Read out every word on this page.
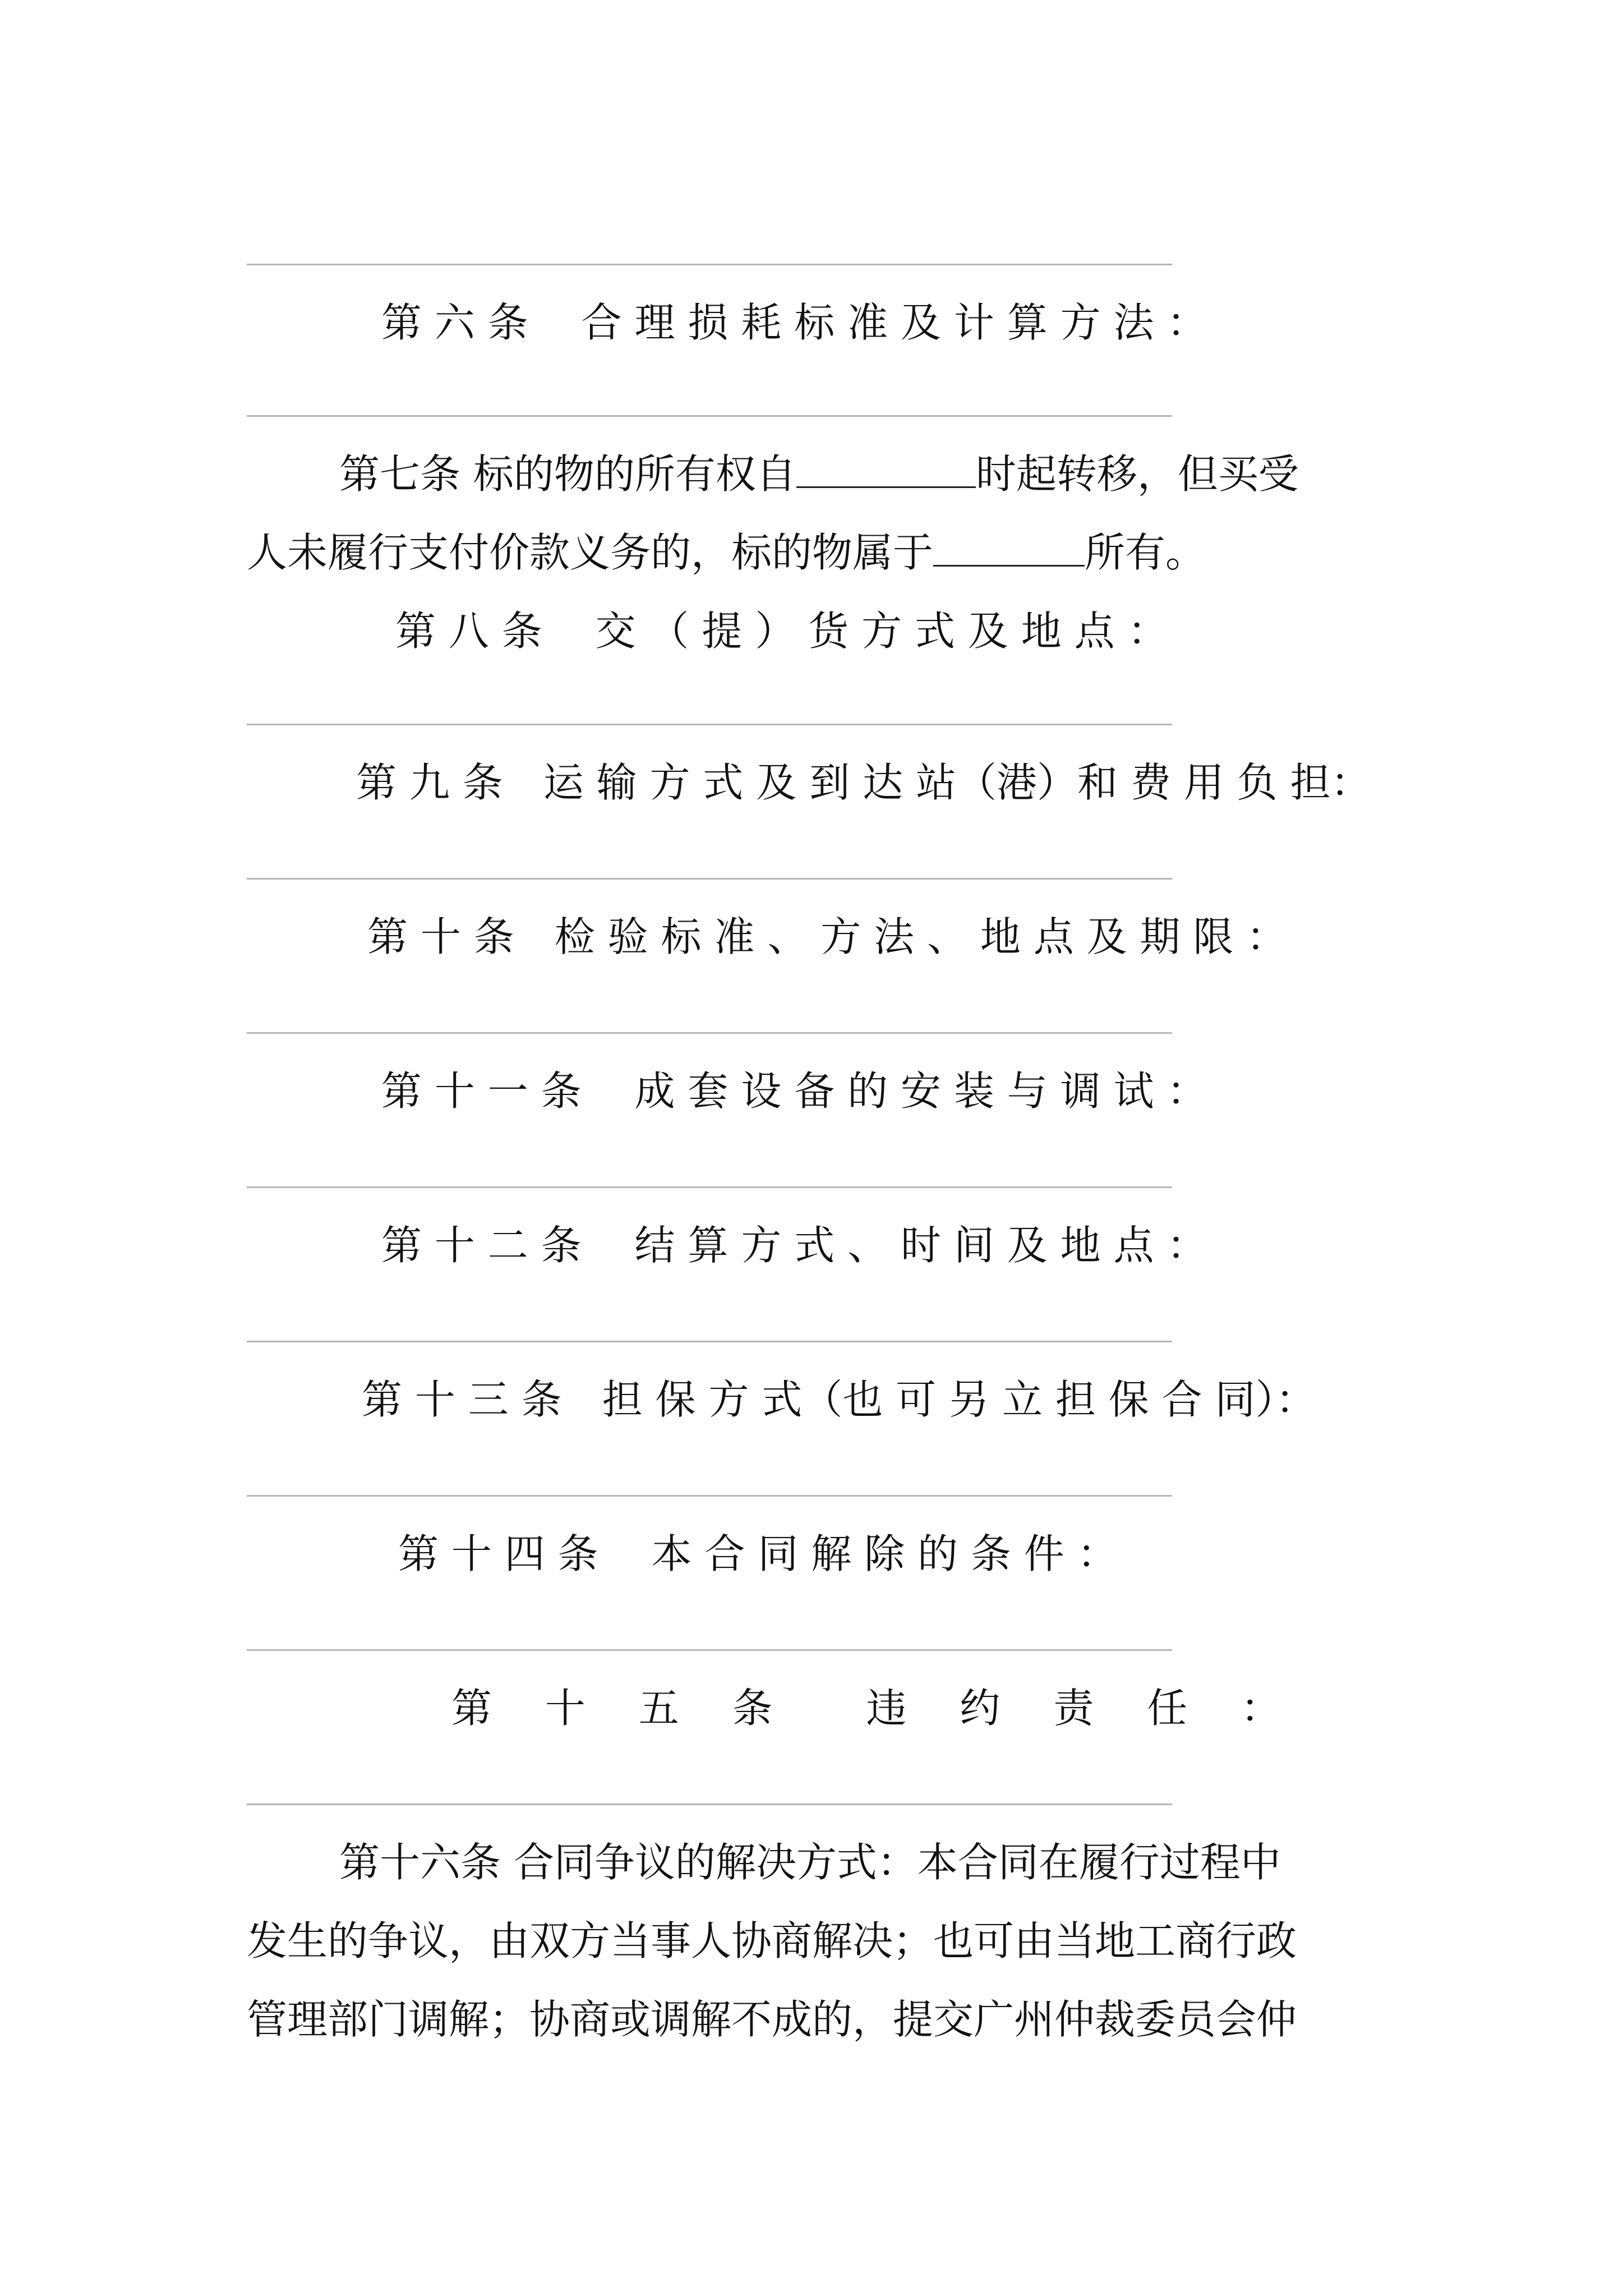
第 六 条　 合 理 损 耗 标 准 及 计 算 方 法 ：
第七条 标的物的所有权自	时起转移，但买受
人未履行支付价款义务的，标的物属于	所有。
第 八 条　 交 （ 提 ） 货 方 式 及 地 点 ：
第 九 条　运 输 方 式 及 到 达 站（港）和 费 用 负 担：
第 十 条　检 验 标 准 、 方 法 、 地 点 及 期 限 ：
第 十 一 条　 成 套 设 备 的 安 装 与 调 试 ：
第 十 二 条　 结 算 方 式 、 时 间 及 地 点 ：
第 十 三 条　担 保 方 式（也 可 另 立 担 保 合 同）：
第 十 四 条　 本 合 同 解 除 的 条 件 ：
第　 十　 五　 条　　 违　 约　 责　 任　 ：
第十六条 合同争议的解决方式：本合同在履行过程中
发生的争议，由双方当事人协商解决；也可由当地工商行政
管理部门调解；协商或调解不成的，提交广州仲裁委员会仲
